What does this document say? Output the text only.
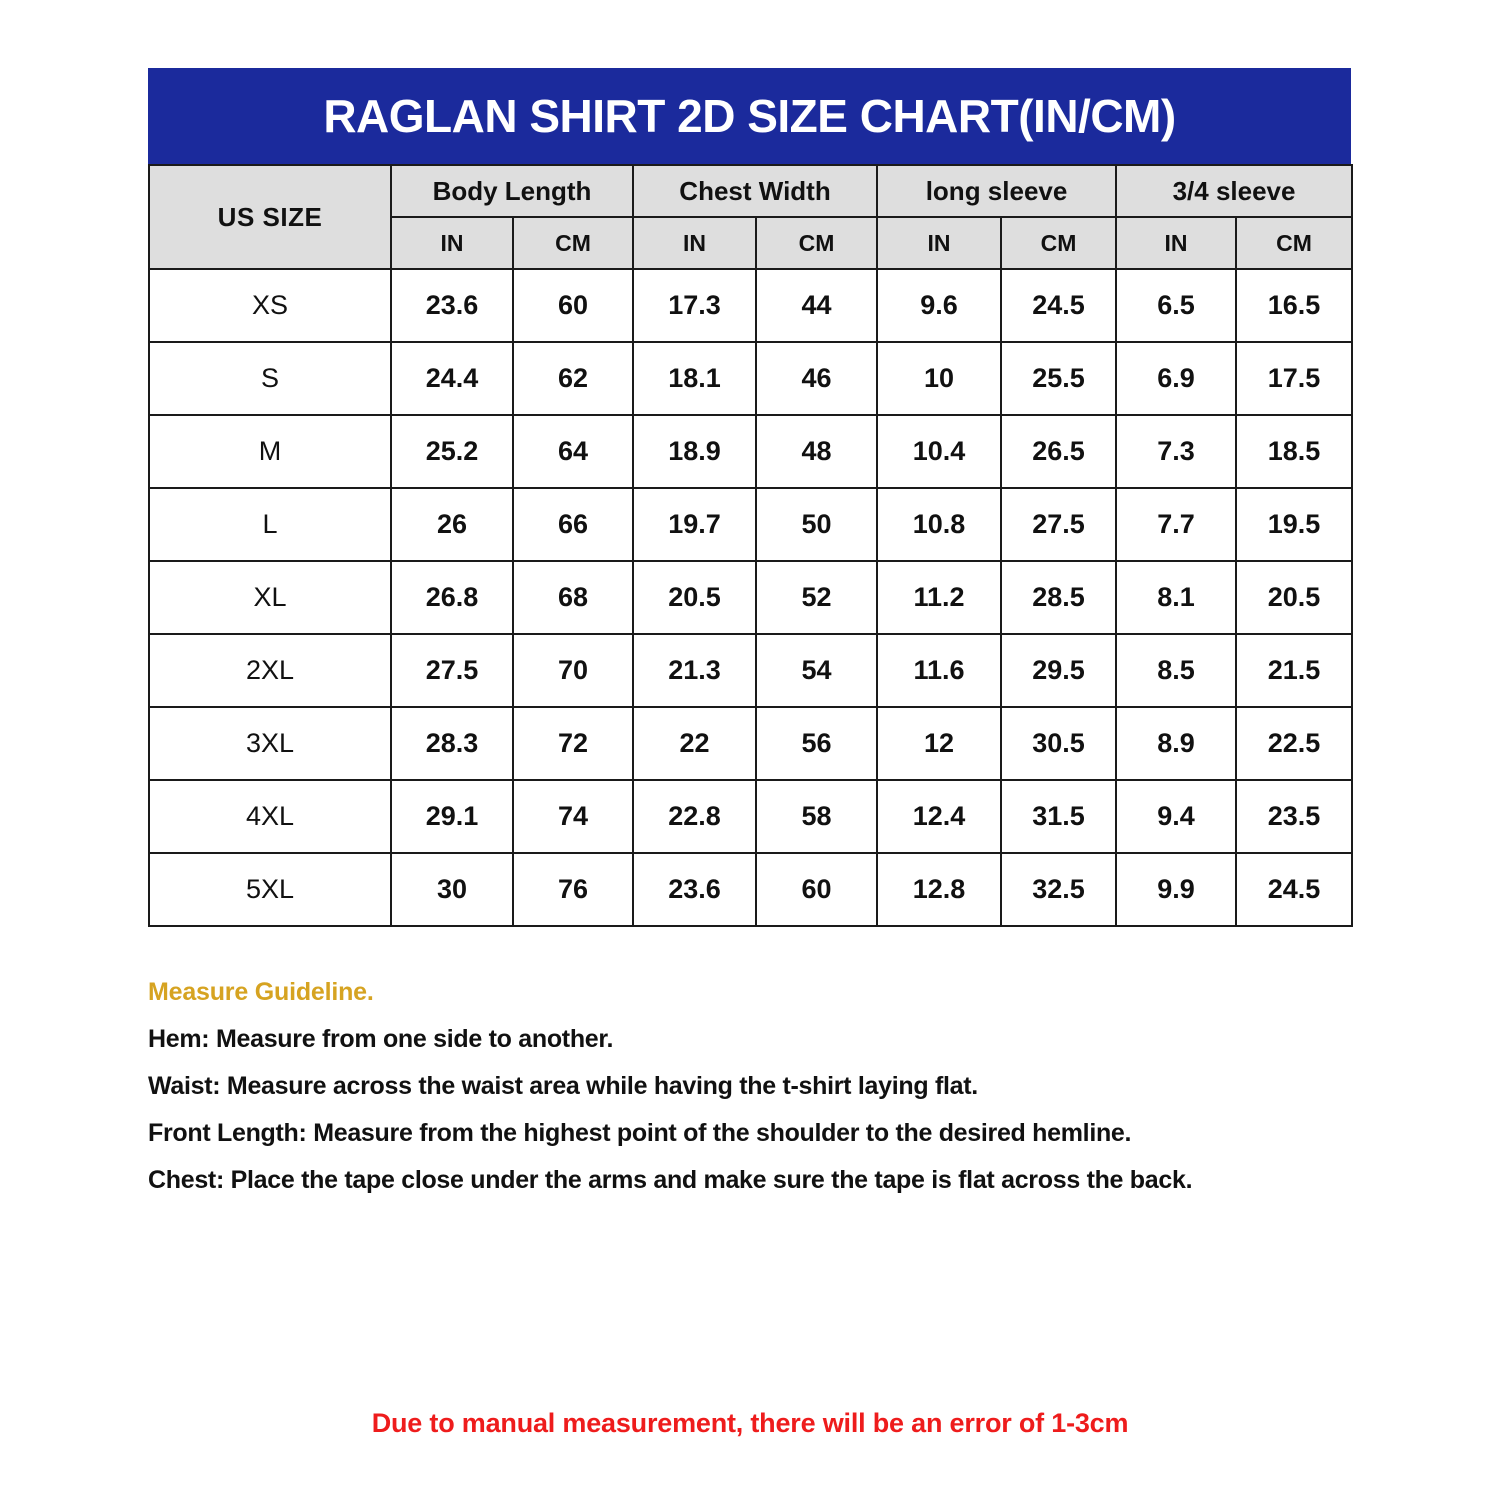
RAGLAN SHIRT 2D SIZE CHART(IN/CM)
US SIZE	Body Length		Chest Width		long sleeve		3/4 sleeve	
	IN	CM	IN	CM	IN	CM	IN	CM
XS	23.6	60	17.3	44	9.6	24.5	6.5	16.5
S	24.4	62	18.1	46	10	25.5	6.9	17.5
M	25.2	64	18.9	48	10.4	26.5	7.3	18.5
L	26	66	19.7	50	10.8	27.5	7.7	19.5
XL	26.8	68	20.5	52	11.2	28.5	8.1	20.5
2XL	27.5	70	21.3	54	11.6	29.5	8.5	21.5
3XL	28.3	72	22	56	12	30.5	8.9	22.5
4XL	29.1	74	22.8	58	12.4	31.5	9.4	23.5
5XL	30	76	23.6	60	12.8	32.5	9.9	24.5
Measure Guideline.
Hem: Measure from one side to another.
Waist: Measure across the waist area while having the t-shirt laying flat.
Front Length: Measure from the highest point of the shoulder to the desired hemline.
Chest: Place the tape close under the arms and make sure the tape is flat across the back.
Due to manual measurement, there will be an error of 1-3cm
